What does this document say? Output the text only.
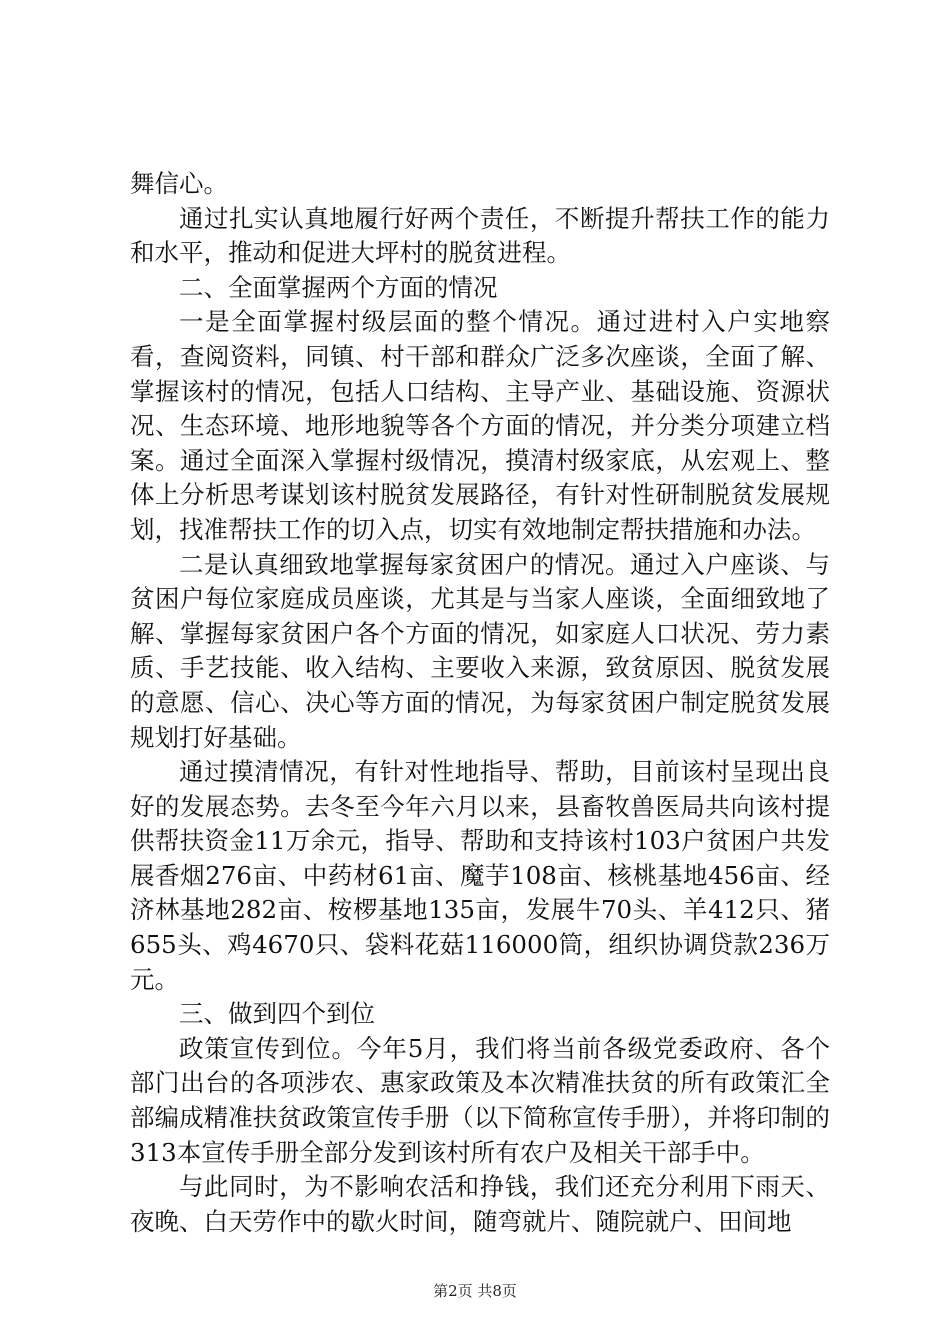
舞信心。

通过扎实认真地履行好两个责任，不断提升帮扶工作的能力和水平，推动和促进大坪村的脱贫进程。

二、全面掌握两个方面的情况

一是全面掌握村级层面的整个情况。通过进村入户实地察看，查阅资料，同镇、村干部和群众广泛多次座谈，全面了解、掌握该村的情况，包括人口结构、主导产业、基础设施、资源状况、生态环境、地形地貌等各个方面的情况，并分类分项建立档案。通过全面深入掌握村级情况，摸清村级家底，从宏观上、整体上分析思考谋划该村脱贫发展路径，有针对性研制脱贫发展规划，找准帮扶工作的切入点，切实有效地制定帮扶措施和办法。

二是认真细致地掌握每家贫困户的情况。通过入户座谈、与贫困户每位家庭成员座谈，尤其是与当家人座谈，全面细致地了解、掌握每家贫困户各个方面的情况，如家庭人口状况、劳力素质、手艺技能、收入结构、主要收入来源，致贫原因、脱贫发展的意愿、信心、决心等方面的情况，为每家贫困户制定脱贫发展规划打好基础。

通过摸清情况，有针对性地指导、帮助，目前该村呈现出良好的发展态势。去冬至今年六月以来，县畜牧兽医局共向该村提供帮扶资金11万余元，指导、帮助和支持该村103户贫困户共发展香烟276亩、中药材61亩、魔芋108亩、核桃基地456亩、经济林基地282亩、桉椤基地135亩，发展牛70头、羊412只、猪655头、鸡4670只、袋料花菇116000筒，组织协调贷款236万元。

三、做到四个到位

政策宣传到位。今年5月，我们将当前各级党委政府、各个部门出台的各项涉农、惠家政策及本次精准扶贫的所有政策汇全部编成精准扶贫政策宣传手册（以下简称宣传手册），并将印制的313本宣传手册全部分发到该村所有农户及相关干部手中。

与此同时，为不影响农活和挣钱，我们还充分利用下雨天、夜晚、白天劳作中的歇火时间，随弯就片、随院就户、田间地

第2页 共8页
